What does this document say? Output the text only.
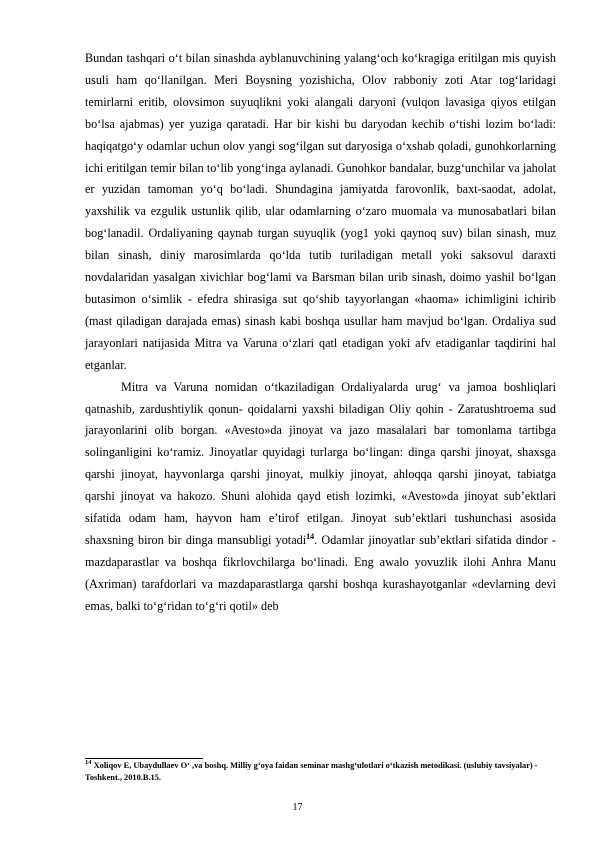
Bundan tashqari o‘t bilan sinashda ayblanuvchining yalang‘och ko‘kragiga eritilgan mis quyish usuli ham qo‘llanilgan. Meri Boysning yozishicha, Olov rabboniy zoti Atar tog‘laridagi temirlarni eritib, olovsimon suyuqlikni yoki alangali daryoni (vulqon lavasiga qiyos etilgan bo‘lsa ajabmas) yer yuziga qaratadi. Har bir kishi bu daryodan kechib o‘tishi lozim bo‘ladi: haqiqatgo‘y odamlar uchun olov yangi sog‘ilgan sut daryosiga o‘xshab qoladi, gunohkorlarning ichi eritilgan temir bilan to‘lib yong‘inga aylanadi. Gunohkor bandalar, buzg‘unchilar va jaholat er yuzidan tamoman yo‘q bo‘ladi. Shundagina jamiyatda farovonlik, baxt-saodat, adolat, yaxshilik va ezgulik ustunlik qilib, ular odamlarning o‘zaro muomala va munosabatlari bilan bog‘lanadil. Ordaliyaning qaynab turgan suyuqlik (yog1 yoki qaynoq suv) bilan sinash, muz bilan sinash, diniy marosimlarda qo‘lda tutib turiladigan metall yoki saksovul daraxti novdalaridan yasalgan xivichlar bog‘lami va Barsman bilan urib sinash, doimo yashil bo‘lgan butasimon o‘simlik - efedra shirasiga sut qo‘shib tayyorlangan «haoma» ichimligini ichirib (mast qiladigan darajada emas) sinash kabi boshqa usullar ham mavjud bo‘lgan. Ordaliya sud jarayonlari natijasida Mitra va Varuna o‘zlari qatl etadigan yoki afv etadiganlar taqdirini hal etganlar.

Mitra va Varuna nomidan o‘tkaziladigan Ordaliyalarda urug‘ va jamoa boshliqlari qatnashib, zardushtiylik qonun- qoidalarni yaxshi biladigan Oliy qohin - Zaratushtroema sud jarayonlarini olib borgan. «Avesto»da jinoyat va jazo masalalari bar tomonlama tartibga solinganligini ko‘ramiz. Jinoyatlar quyidagi turlarga bo‘lingan: dinga qarshi jinoyat, shaxsga qarshi jinoyat, hayvonlarga qarshi jinoyat, mulkiy jinoyat, ahloqqa qarshi jinoyat, tabiatga qarshi jinoyat va hakozo. Shuni alohida qayd etish lozimki, «Avesto»da jinoyat sub’ektlari sifatida odam ham, hayvon ham e’tirof etilgan. Jinoyat sub’ektlari tushunchasi asosida shaxsning biron bir dinga mansubligi yotadi$^{14}$. Odamlar jinoyatlar sub’ektlari sifatida dindor -mazdaparastlar va boshqa fikrlovchilarga bo‘linadi. Eng awalo yovuzlik ilohi Anhra Manu (Axriman) tarafdorlari va mazdaparastlarga qarshi boshqa kurashayotganlar «devlarning devi emas, balki to‘g‘ridan to‘g‘ri qotil» deb

$^{14}$ Xoliqov E, Ubaydullaev O‘ ,va boshq. Milliy g‘oya faidan seminar mashg‘ulotlari o‘tkazish metodikasi. (uslubiy tavsiyalar) - Toshkent., 2010.B.15.
17
